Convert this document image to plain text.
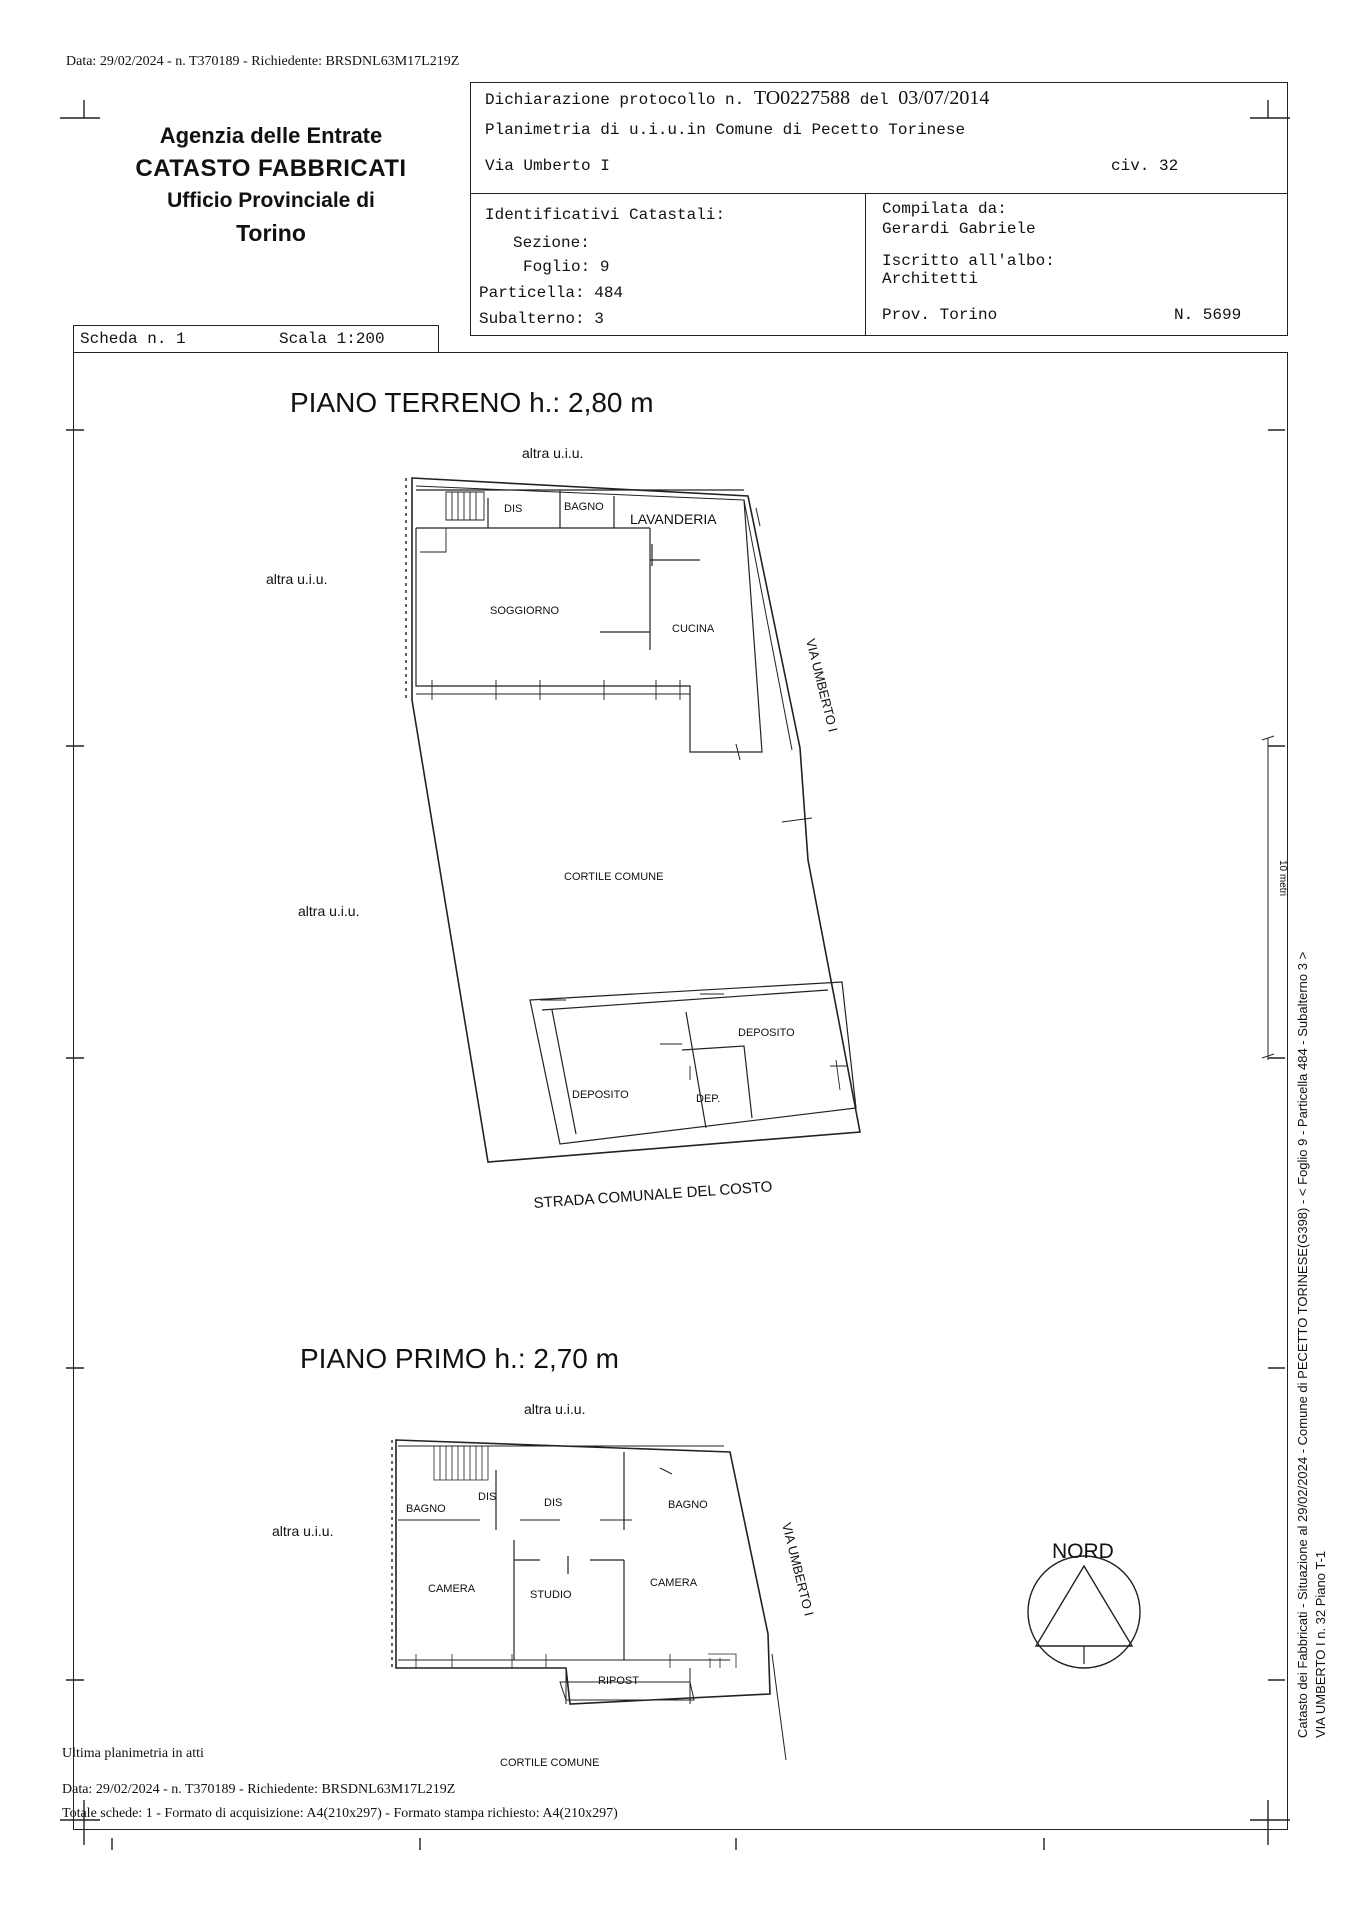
Data: 29/02/2024 - n. T370189 - Richiedente: BRSDNL63M17L219Z
Agenzia delle Entrate
CATASTO FABBRICATI
Ufficio Provinciale di
Torino
Scheda n. 1	Scala 1:200
Dichiarazione protocollo n. TO0227588 del 03/07/2014
Planimetria di u.i.u.in Comune di Pecetto Torinese
Via Umberto I	civ. 32
Identificativi Catastali:
Sezione:
Foglio: 9
Particella: 484
Subalterno: 3
Compilata da:
Gerardi Gabriele
Iscritto all'albo:
Architetti
Prov. Torino	N. 5699
PIANO TERRENO h.: 2,80 m
altra u.i.u.
altra u.i.u.
altra u.i.u.
DIS	BAGNO
LAVANDERIA
SOGGIORNO
CUCINA
VIA UMBERTO I
CORTILE COMUNE
DEPOSITO
DEPOSITO
DEP.
STRADA COMUNALE DEL COSTO
PIANO PRIMO h.: 2,70 m
altra u.i.u.
altra u.i.u.
BAGNO
DIS	DIS	BAGNO
CAMERA	STUDIO
CAMERA
RIPOST
VIA UMBERTO I
CORTILE COMUNE
NORD	Catasto dei Fabbricati - Situazione al 29/02/2024 - Comune di PECETTO TORINESE(G398) - < Foglio 9 - Particella 484 - Subalterno 3 > VIA UMBERTO I n. 32 Piano T-1
10 metri
Ultima planimetria in atti
Data: 29/02/2024 - n. T370189 - Richiedente: BRSDNL63M17L219Z
Totale schede: 1 - Formato di acquisizione: A4(210x297) - Formato stampa richiesto: A4(210x297)
